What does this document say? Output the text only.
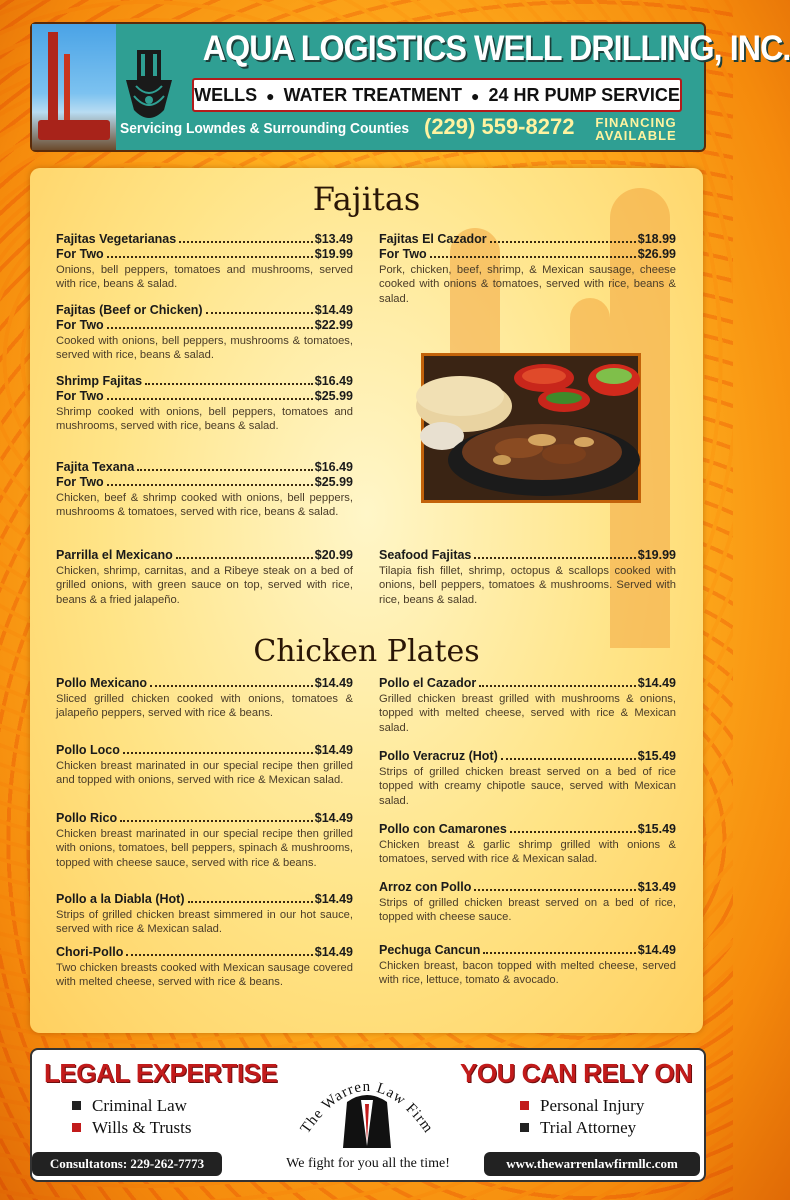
AQUA LOGISTICS WELL DRILLING, INC.
WELLS ● WATER TREATMENT ● 24 HR PUMP SERVICE
Servicing Lowndes & Surrounding Counties (229) 559-8272	FINANCING
AVAILABLE
Fajitas
Fajitas Vegetarianas	$13.49
For Two	$19.99
Onions, bell peppers, tomatoes and mushrooms, served with rice, beans & salad.
Fajitas (Beef or Chicken)	$14.49
For Two	$22.99
Cooked with onions, bell peppers, mushrooms & tomatoes, served with rice, beans & salad.
Shrimp Fajitas	$16.49
For Two	$25.99
Shrimp cooked with onions, bell peppers, tomatoes and mushrooms, served with rice, beans & salad.
Fajita Texana	$16.49
For Two	$25.99
Chicken, beef & shrimp cooked with onions, bell peppers, mushrooms & tomatoes, served with rice, beans & salad.
Parrilla el Mexicano	$20.99
Chicken, shrimp, carnitas, and a Ribeye steak on a bed of grilled onions, with green sauce on top, served with rice, beans & a fried jalapeño.
Fajitas El Cazador	$18.99
For Two	$26.99
Pork, chicken, beef, shrimp, & Mexican sausage, cheese cooked with onions & tomatoes, served with rice, beans & salad.
Seafood Fajitas	$19.99
Tilapia fish fillet, shrimp, octopus & scallops cooked with onions, bell peppers, tomatoes & mushrooms. Served with rice, beans & salad.
Chicken Plates
Pollo Mexicano	$14.49
Sliced grilled chicken cooked with onions, tomatoes & jalapeño peppers, served with rice & beans.
Pollo Loco	$14.49
Chicken breast marinated in our special recipe then grilled and topped with onions, served with rice & Mexican salad.
Pollo Rico	$14.49
Chicken breast marinated in our special recipe then grilled with onions, tomatoes, bell peppers, spinach & mushrooms, topped with cheese sauce, served with rice & beans.
Pollo a la Diabla (Hot)	$14.49
Strips of grilled chicken breast simmered in our hot sauce, served with rice & Mexican salad.
Chori-Pollo	$14.49
Two chicken breasts cooked with Mexican sausage covered with melted cheese, served with rice & beans.
Pollo el Cazador	$14.49
Grilled chicken breast grilled with mushrooms & onions, topped with melted cheese, served with rice & Mexican salad.
Pollo Veracruz (Hot)	$15.49
Strips of grilled chicken breast served on a bed of rice topped with creamy chipotle sauce, served with Mexican salad.
Pollo con Camarones	$15.49
Chicken breast & garlic shrimp grilled with onions & tomatoes, served with rice & Mexican salad.
Arroz con Pollo	$13.49
Strips of grilled chicken breast served on a bed of rice, topped with cheese sauce.
Pechuga Cancun	$14.49
Chicken breast, bacon topped with melted cheese, served with rice, lettuce, tomato & avocado.
LEGAL EXPERTISE	YOU CAN RELY ON
Criminal Law
Wills & Trusts
Personal Injury
Trial Attorney
The Warren Law Firm
Consultatons: 229-262-7773	We fight for you all the time!	www.thewarrenlawfirmllc.com
